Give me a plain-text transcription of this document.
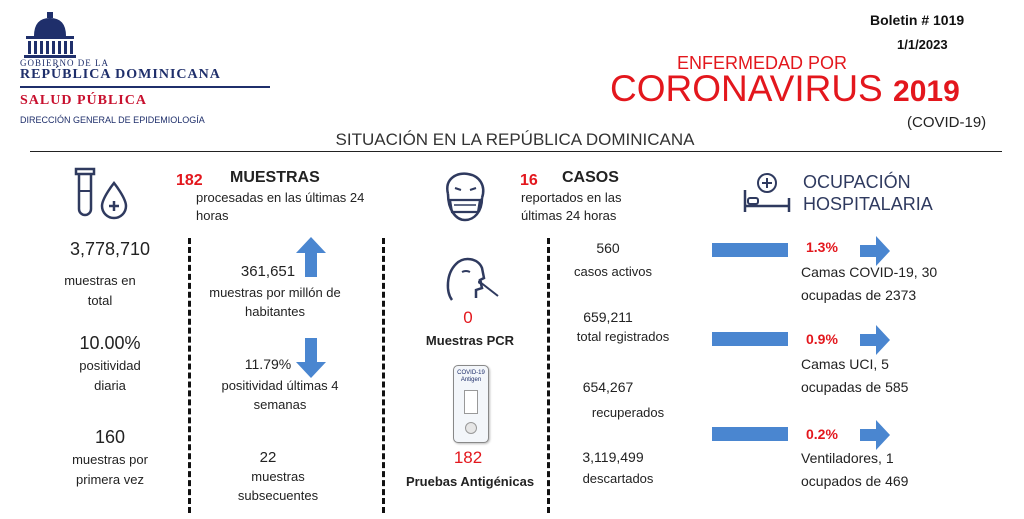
GOBIERNO DE LA
REPÚBLICA DOMINICANA
SALUD PÚBLICA
DIRECCIÓN GENERAL DE EPIDEMIOLOGÍA
Boletin # 1019
1/1/2023
ENFERMEDAD POR
CORONAVIRUS 2019
(COVID-19)
SITUACIÓN EN LA REPÚBLICA DOMINICANA
182 MUESTRAS
procesadas en las últimas 24 horas
3,778,710
muestras en total
10.00%
positividad diaria
160
muestras por primera vez
361,651
muestras por millón de habitantes
11.79%
positividad últimas 4 semanas
22
muestras subsecuentes
0
Muestras PCR
COVID-19 Antigen
182
Pruebas Antigénicas
16 CASOS
reportados en las últimas 24 horas
560
casos activos
659,211
total registrados
654,267
recuperados
3,119,499
descartados
OCUPACIÓN
HOSPITALARIA
1.3%
Camas COVID-19, 30
ocupadas de 2373
0.9%
Camas UCI, 5
ocupadas de 585
0.2%
Ventiladores, 1
ocupados de 469
